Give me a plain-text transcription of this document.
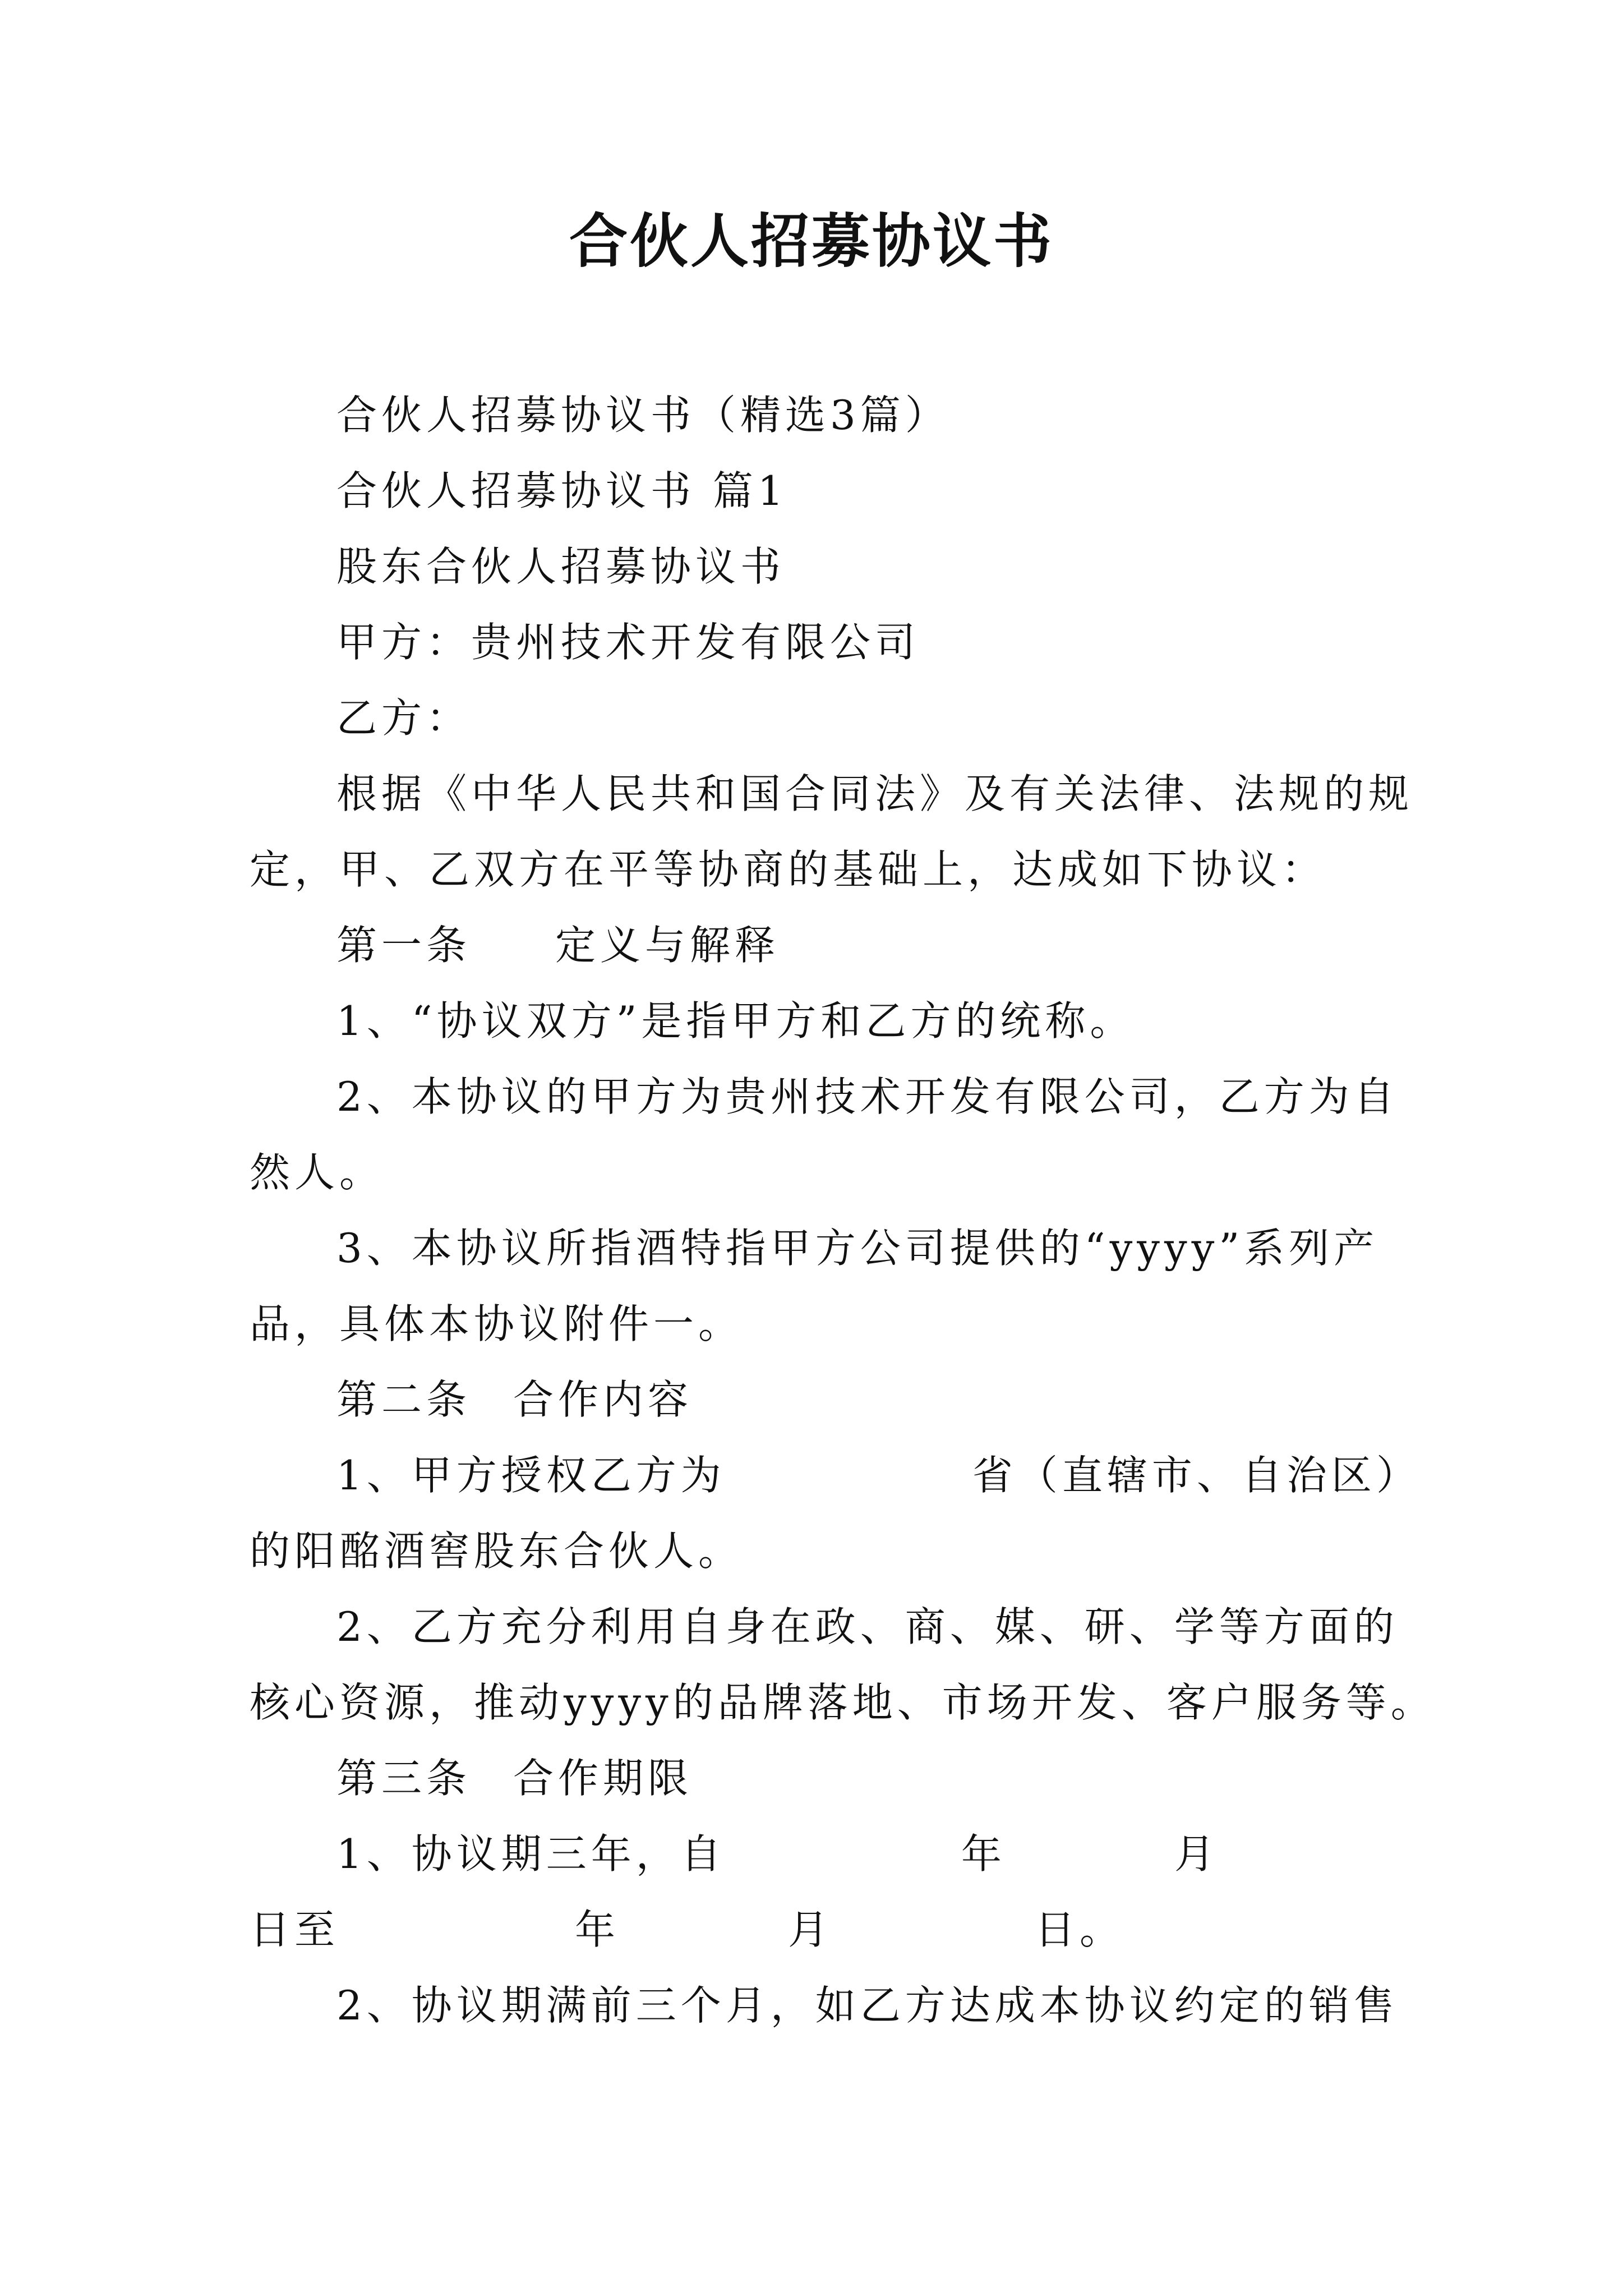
合伙人招募协议书
合伙人招募协议书（精选3篇）
合伙人招募协议书 篇1
股东合伙人招募协议书
甲方：贵州技术开发有限公司
乙方：
根据《中华人民共和国合同法》及有关法律、法规的规
定，甲、乙双方在平等协商的基础上，达成如下协议：
第一条 定义与解释
1、“协议双方”是指甲方和乙方的统称。
2、本协议的甲方为贵州技术开发有限公司，乙方为自
然人。
3、本协议所指酒特指甲方公司提供的“yyyy”系列产
品，具体本协议附件一。
第二条 合作内容
1、甲方授权乙方为	省（直辖市、自治区）
的阳酩酒窖股东合伙人。
2、乙方充分利用自身在政、商、媒、研、学等方面的
核心资源，推动yyyy的品牌落地、市场开发、客户服务等。
第三条 合作期限
1、协议期三年，自	年	月
日至	年	月	日。
2、协议期满前三个月，如乙方达成本协议约定的销售
